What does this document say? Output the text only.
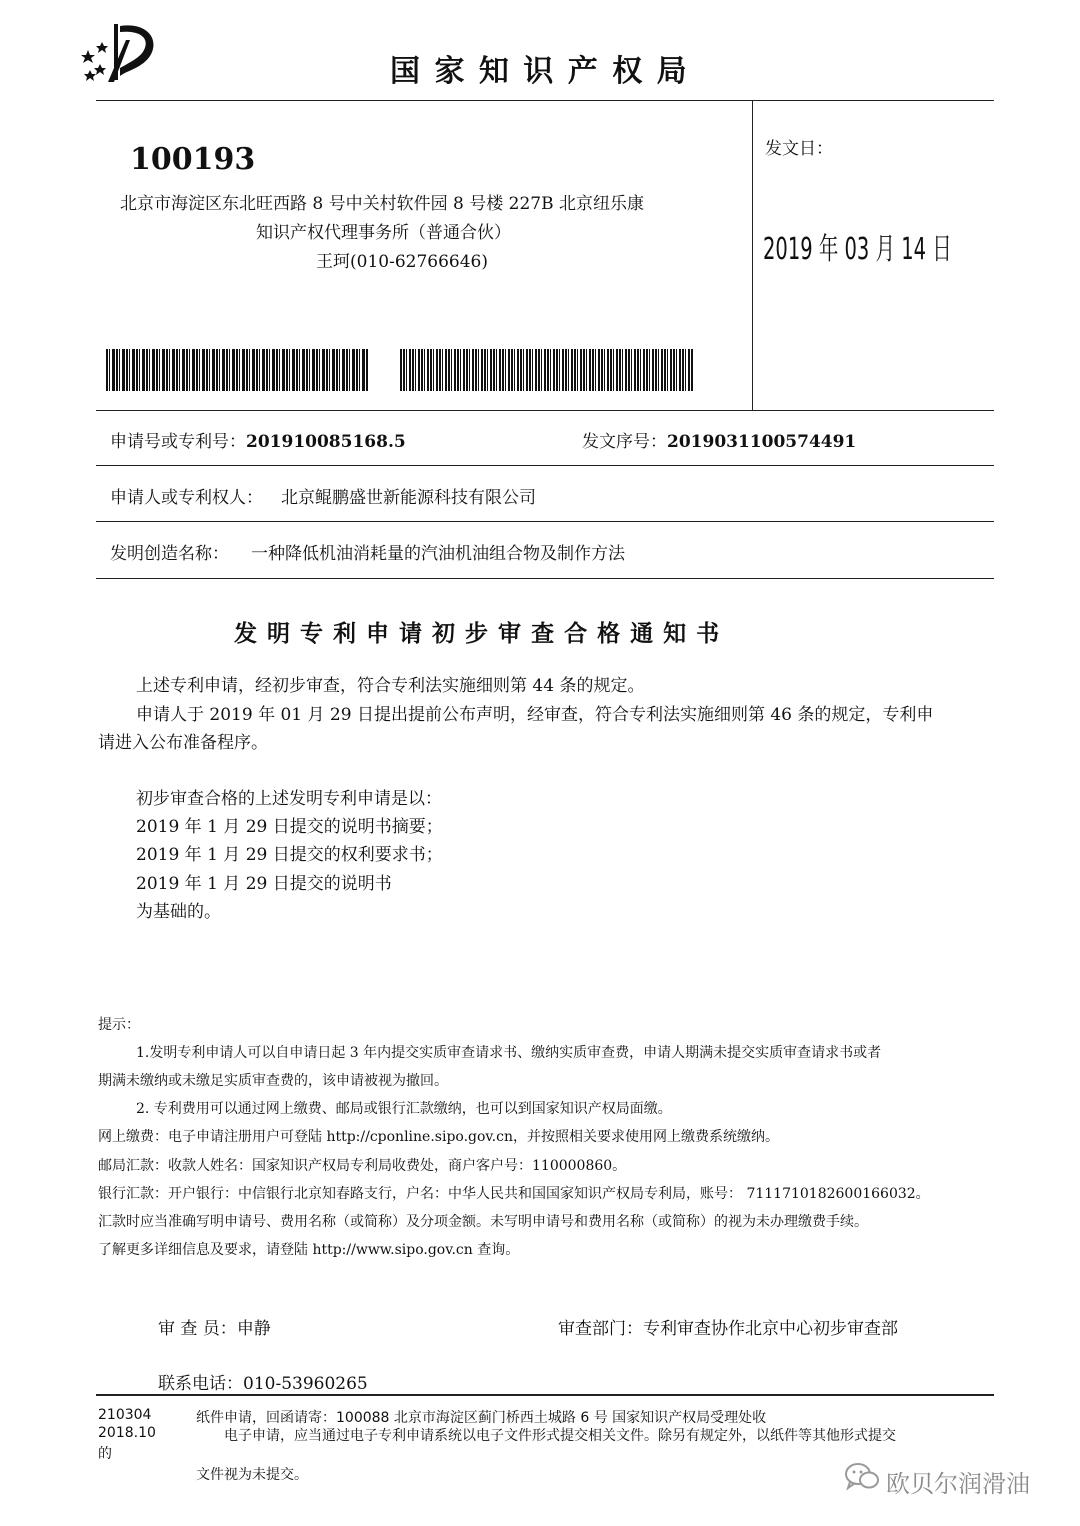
国 家 知 识 产 权 局
100193
北京市海淀区东北旺西路 8 号中关村软件园 8 号楼 227B 北京纽乐康
知识产权代理事务所（普通合伙）
王珂(010-62766646)
发文日：
2019 年 03 月 14 日
申请号或专利号：201910085168.5	发文序号：2019031100574491
申请人或专利权人： 北京鲲鹏盛世新能源科技有限公司
发明创造名称： 一种降低机油消耗量的汽油机油组合物及制作方法
发 明 专 利 申 请 初 步 审 查 合 格 通 知 书
上述专利申请，经初步审查，符合专利法实施细则第 44 条的规定。
申请人于 2019 年 01 月 29 日提出提前公布声明，经审查，符合专利法实施细则第 46 条的规定，专利申
请进入公布准备程序。
初步审查合格的上述发明专利申请是以：
2019 年 1 月 29 日提交的说明书摘要；
2019 年 1 月 29 日提交的权利要求书；
2019 年 1 月 29 日提交的说明书
为基础的。
提示：
1.发明专利申请人可以自申请日起 3 年内提交实质审查请求书、缴纳实质审查费，申请人期满未提交实质审查请求书或者
期满未缴纳或未缴足实质审查费的，该申请被视为撤回。
2. 专利费用可以通过网上缴费、邮局或银行汇款缴纳，也可以到国家知识产权局面缴。
网上缴费：电子申请注册用户可登陆 http://cponline.sipo.gov.cn，并按照相关要求使用网上缴费系统缴纳。
邮局汇款：收款人姓名：国家知识产权局专利局收费处，商户客户号：110000860。
银行汇款：开户银行：中信银行北京知春路支行，户名：中华人民共和国国家知识产权局专利局，账号： 7111710182600166032。
汇款时应当准确写明申请号、费用名称（或简称）及分项金额。未写明申请号和费用名称（或简称）的视为未办理缴费手续。
了解更多详细信息及要求，请登陆 http://www.sipo.gov.cn 查询。
审 查 员：申静	审查部门：专利审查协作北京中心初步审查部
联系电话：010-53960265
210304
2018.10
的
纸件申请，回函请寄：100088 北京市海淀区蓟门桥西土城路 6 号 国家知识产权局受理处收
电子申请，应当通过电子专利申请系统以电子文件形式提交相关文件。除另有规定外，以纸件等其他形式提交
文件视为未提交。	欧贝尔润滑油
